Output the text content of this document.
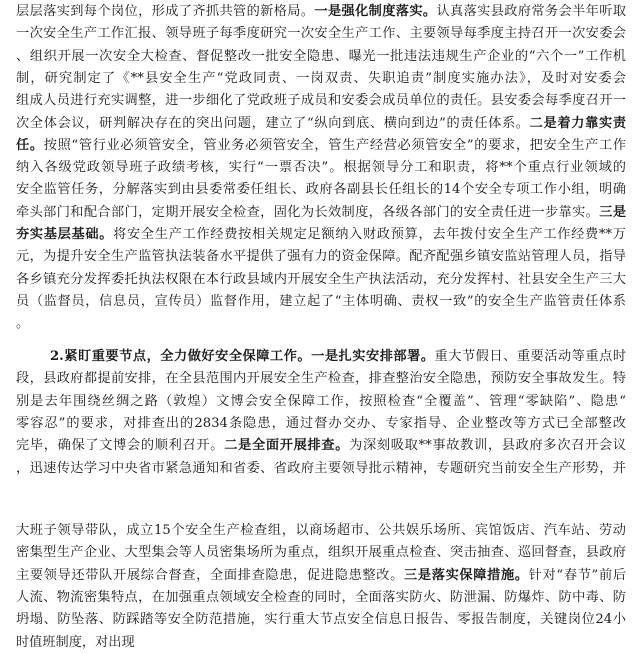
层层落实到每个岗位，形成了齐抓共管的新格局。一是强化制度落实。认真落实县政府常务会半年听取
一次安全生产工作汇报、领导班子每季度研究一次安全生产工作、主要领导每季度主持召开一次安委会
、组织开展一次安全大检查、督促整改一批安全隐患、曝光一批违法违规生产企业的“六个一”工作机
制，研究制定了《**县安全生产“党政同责、一岗双责、失职追责”制度实施办法》，及时对安委会
组成人员进行充实调整，进一步细化了党政班子成员和安委会成员单位的责任。县安委会每季度召开一
次全体会议，研判解决存在的突出问题，建立了“纵向到底、横向到边”的责任体系。二是着力靠实责
任。按照“管行业必须管安全，管业务必须管安全，管生产经营必须管安全”的要求，把安全生产工作
纳入各级党政领导班子政绩考核，实行“一票否决”。根据领导分工和职责，将**个重点行业领域的
安全监管任务，分解落实到由县委常委任组长、政府各副县长任组长的14个安全专项工作小组，明确
牵头部门和配合部门，定期开展安全检查，固化为长效制度，各级各部门的安全责任进一步靠实。三是
夯实基层基础。将安全生产工作经费按相关规定足额纳入财政预算，去年拨付安全生产工作经费**万
元，为提升安全生产监管执法装备水平提供了强有力的资金保障。配齐配强乡镇安监站管理人员，指导
各乡镇充分发挥委托执法权限在本行政县域内开展安全生产执法活动，充分发挥村、社县安全生产三大
员（监督员，信息员，宣传员）监督作用，建立起了“主体明确、责权一致”的安全生产监管责任体系
。
2.紧盯重要节点，全力做好安全保障工作。一是扎实安排部署。重大节假日、重要活动等重点时
段，县政府都提前安排，在全县范围内开展安全生产检查，排查整治安全隐患，预防安全事故发生。特
别是去年围绕丝绸之路（敦煌）文博会安全保障工作，按照检查“全覆盖”、管理“零缺陷”、隐患“
零容忍”的要求，对排查出的2834条隐患，通过督办交办、专家指导、企业整改等方式已全部整改
完毕，确保了文博会的顺利召开。二是全面开展排查。为深刻吸取**事故教训，县政府多次召开会议
，迅速传达学习中央省市紧急通知和省委、省政府主要领导批示精神，专题研究当前安全生产形势，并
大班子领导带队，成立15个安全生产检查组，以商场超市、公共娱乐场所、宾馆饭店、汽车站、劳动
密集型生产企业、大型集会等人员密集场所为重点，组织开展重点检查、突击抽查、巡回督查，县政府
主要领导还带队开展综合督查，全面排查隐患，促进隐患整改。三是落实保障措施。针对“春节”前后
人流、物流密集特点，在加强重点领域安全检查的同时，全面落实防火、防泄漏、防爆炸、防中毒、防
坍塌、防坠落、防踩踏等安全防范措施，实行重大节点安全信息日报告、零报告制度，关键岗位24小
时值班制度，对出现
